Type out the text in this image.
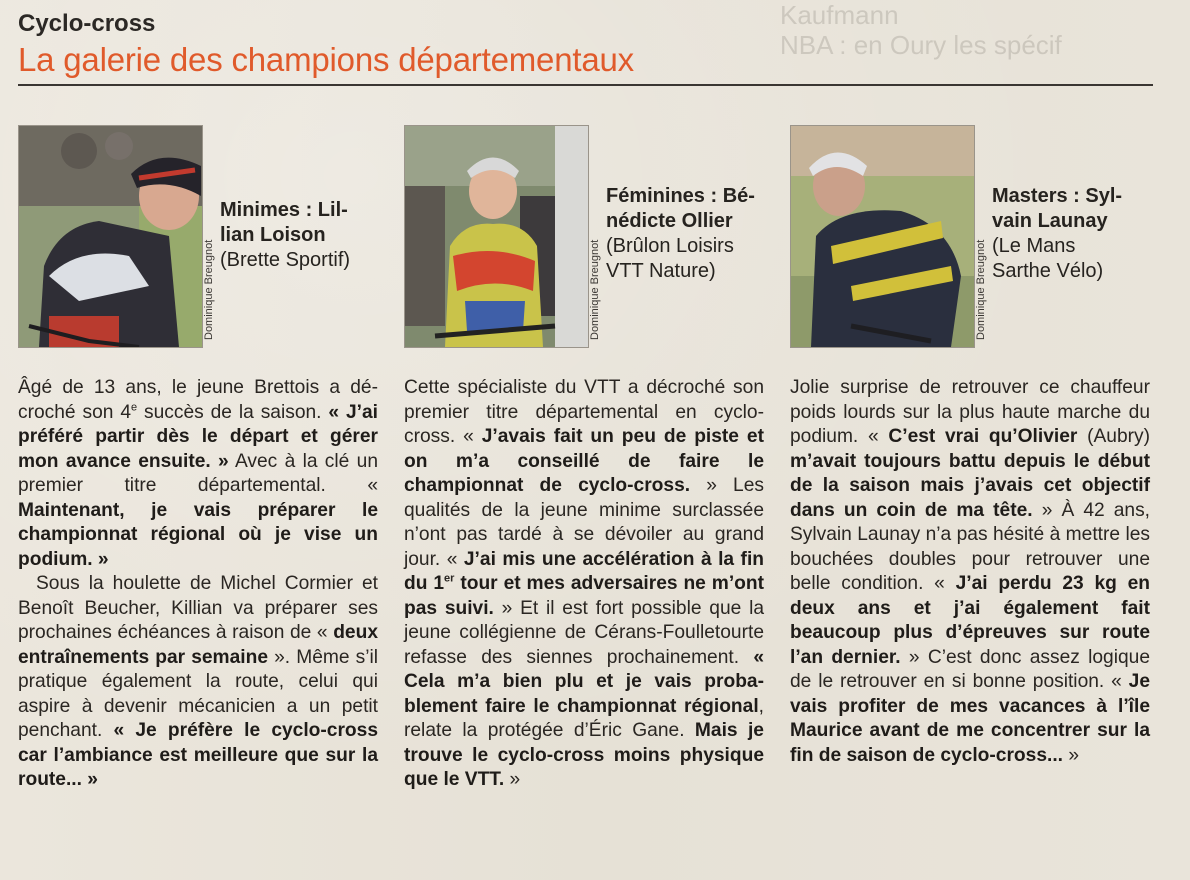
Kaufmann
NBA : en Oury les spécif
Cyclo-cross
La galerie des champions départementaux
Dominique Breugnot
Minimes : Lil-
lian Loison
(Brette Sportif)	Dominique Breugnot
Féminines : Bé-
nédicte Ollier
(Brûlon Loisirs
VTT Nature)	Dominique Breugnot
Masters : Syl-
vain Launay
(Le Mans
Sarthe Vélo)

Âgé de 13 ans, le jeune Brettois a décroché son 4e succès de la saison. « J’ai préféré partir dès le départ et gérer mon avance ensuite. » Avec à la clé un premier titre départemental. « Maintenant, je vais préparer le championnat régional où je vise un podium. »

Sous la houlette de Michel Cormier et Benoît Beucher, Killian va préparer ses prochaines échéances à raison de « deux entraînements par semaine ». Même s’il pratique également la route, celui qui aspire à devenir mécanicien a un petit penchant. « Je préfère le cyclo-cross car l’ambiance est meilleure que sur la route... »

Cette spécialiste du VTT a décroché son premier titre départemental en cyclo-cross. « J’avais fait un peu de piste et on m’a conseillé de faire le championnat de cyclo-cross. » Les qualités de la jeune minime surclassée n’ont pas tardé à se dévoiler au grand jour. « J’ai mis une accélération à la fin du 1er tour et mes adversaires ne m’ont pas suivi. » Et il est fort possible que la jeune collégienne de Cérans-Foulletourte refasse des siennes prochainement. « Cela m’a bien plu et je vais probablement faire le championnat régional, relate la protégée d’Éric Gane. Mais je trouve le cyclo-cross moins physique que le VTT. »

Jolie surprise de retrouver ce chauffeur poids lourds sur la plus haute marche du podium. « C’est vrai qu’Olivier (Aubry) m’avait toujours battu depuis le début de la saison mais j’avais cet objectif dans un coin de ma tête. » À 42 ans, Sylvain Launay n’a pas hésité à mettre les bouchées doubles pour retrouver une belle condition. « J’ai perdu 23 kg en deux ans et j’ai également fait beaucoup plus d’épreuves sur route l’an dernier. » C’est donc assez logique de le retrouver en si bonne position. « Je vais profiter de mes vacances à l’île Maurice avant de me concentrer sur la fin de saison de cyclo-cross... »
